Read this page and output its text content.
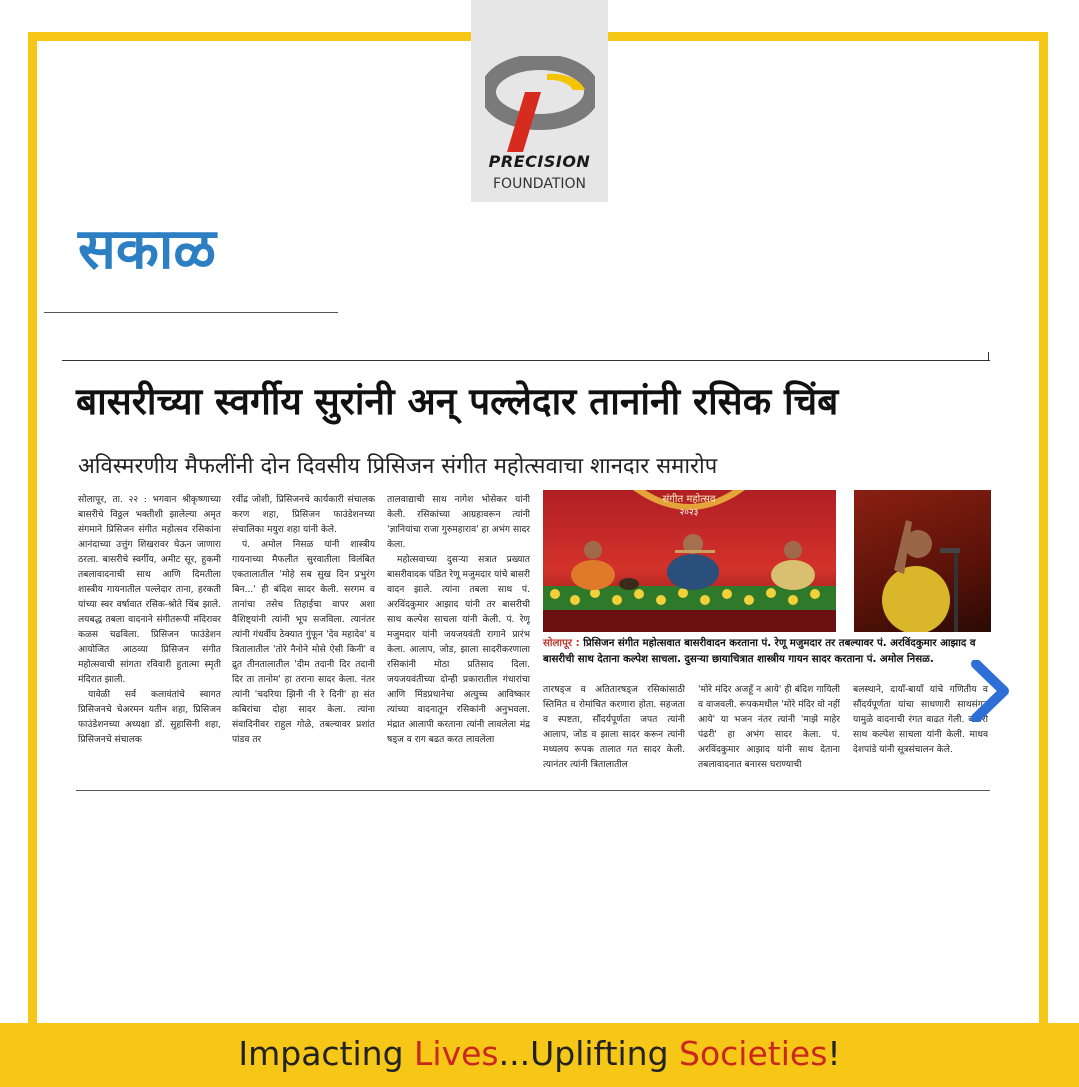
PRECISION
FOUNDATION
सकाळ
बासरीच्या स्वर्गीय सुरांनी अन् पल्लेदार तानांनी रसिक चिंब
अविस्मरणीय मैफलींनी दोन दिवसीय प्रिसिजन संगीत महोत्सवाचा शानदार समारोप

सोलापूर, ता. २२ : भगवान श्रीकृष्णाच्या बासरीचे विठ्ठल भक्तीशी झालेल्या अमृत संगमाने प्रिसिजन संगीत महोत्सव रसिकांना आनंदाच्या उत्तुंग शिखरावर घेऊन जाणारा ठरला. बासरीचे स्वर्गीय, अमीट सूर, हुकमी तबलावादनाची साथ आणि दिमतीला शास्त्रीय गायनातील पल्लेदार ताना, हरकती यांच्या स्वर वर्षावात रसिक-श्रोते चिंब झाले. लयबद्ध तबला वादनाने संगीतरूपी मंदिरावर कळस चढविला. प्रिसिजन फाउंडेशन आयोजित आठव्या प्रिसिजन संगीत महोत्सवाची सांगता रविवारी हुतात्मा स्मृती मंदिरात झाली.

यावेळी सर्व कलावंतांचे स्वागत प्रिसिजनचे चेअरमन यतीन शहा, प्रिसिजन फाउंडेशनच्या अध्यक्षा डॉ. सुहासिनी शहा, प्रिसिजनचे संचालक

रवींद्र जोशी, प्रिसिजनचे कार्यकारी संचालक करण शहा, प्रिसिजन फाउंडेशनच्या संचालिका मयुरा शहा यांनी केले.

पं. अमोल निसळ यांनी शास्त्रीय गायनाच्या मैफलीत सुरवातीला विलंबित एकतालातील 'मोहे सब सुख दिन प्रभुरंग बिन...' ही बंदिश सादर केली. सरगम व तानांचा तसेच तिहाईचा वापर अशा वैशिष्ट्यांनी त्यांनी भूप सजविला. त्यानंतर त्यांनी गंधर्वीय ठेक्यात गुंफून 'देव महादेव' व त्रितालातील 'तोरे नैनोने मोसे ऐसी किनी' व द्रुत तीनतालातील 'दीम तदानी दिर तदानी दिर ता तानोम' हा तराना सादर केला. नंतर त्यांनी 'चदरिया झिनी नी रे दिनी' हा संत कबिरांचा दोहा सादर केला. त्यांना संवादिनीवर राहुल गोळे, तबल्यावर प्रशांत पांडव तर

तालवाद्याची साथ नागेश भोसेकर यांनी केली. रसिकांच्या आग्रहावरून त्यांनी 'ज्ञानियांचा राजा गुरुमहाराव' हा अभंग सादर केला.

महोत्सवाच्या दुसऱ्या सत्रात प्रख्यात बासरीवादक पंडित रेणू मजुमदार यांचे बासरी वादन झाले. त्यांना तबला साथ पं. अरविंदकुमार आझाद यांनी तर बासरीची साथ कल्पेश साचला यांनी केली. पं. रेणू मजुमदार यांनी जयजयवंती रागाने प्रारंभ केला. आलाप, जोड, झाला सादरीकरणाला रसिकांनी मोठा प्रतिसाद दिला. जयजयवंतीच्या दोन्ही प्रकारातील गंधारांचा आणि मिंडप्रधानेचा अत्युच्च आविष्कार त्यांच्या वादनातून रसिकांनी अनुभवला. मंद्रात आलापी करताना त्यांनी लावलेला मंद्र षड्ज व राग बढत करत लावलेला

संगीत महोत्सव
२०२३
सोलापूर : प्रिसिजन संगीत महोत्सवात बासरीवादन करताना पं. रेणू मजुमदार तर तबल्यावर पं. अरविंदकुमार आझाद व बासरीची साथ देताना कल्पेश साचला. दुसऱ्या छायाचित्रात शास्त्रीय गायन सादर करताना पं. अमोल निसळ.

तारषड्ज व अतितारषड्ज रसिकांसाठी स्तिमित व रोमांचित करणारा होता. सहजता व स्पष्टता, सौंदर्यपूर्णता जपत त्यांनी आलाप, जोड व झाला सादर करून त्यांनी मध्यलय रूपक तालात गत सादर केली. त्यानंतर त्यांनी त्रितालातील

'मोरे मंदिर अजहूँ न आये' ही बंदिश गायिली व वाजवली. रूपकमधील 'मोरे मंदिर वो नहीं आये' या भजन नंतर त्यांनी 'माझे माहेर पंढरी' हा अभंग सादर केला. पं. अरविंदकुमार आझाद यांनी साथ देताना तबलावादनात बनारस घराण्याची

बलस्थाने, दायाँ-बायाँ यांचे गणितीय व सौंदर्यपूर्णता यांचा साधणारी साथसंगत यामुळे वादनाची रंगत वाढत गेली. बासरी साथ कल्पेश साचला यांनी केली. माधव देशपांडे यांनी सूत्रसंचालन केले.

Impacting Lives...Uplifting Societies!
